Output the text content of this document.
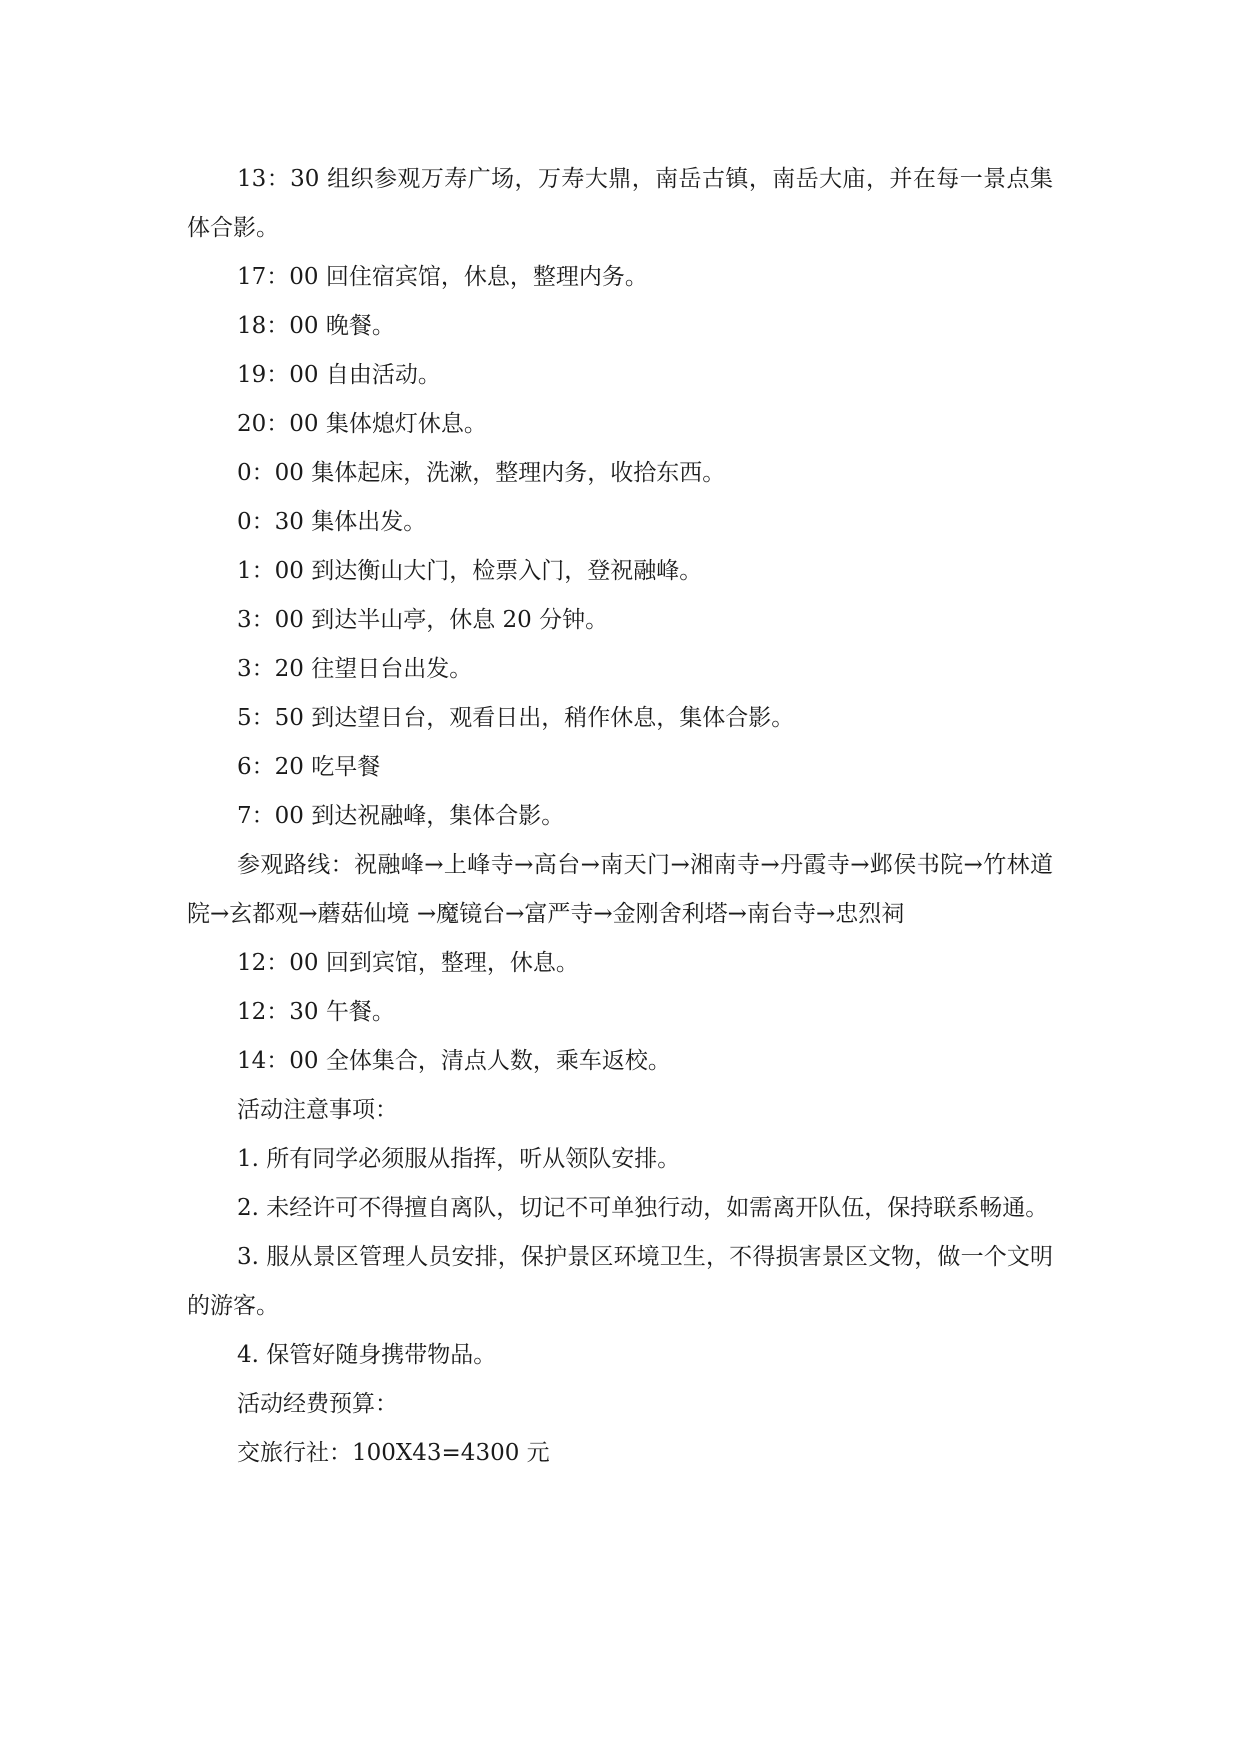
13：30 组织参观万寿广场，万寿大鼎，南岳古镇，南岳大庙，并在每一景点集体合影。

17：00 回住宿宾馆，休息，整理内务。

18：00 晚餐。

19：00 自由活动。

20：00 集体熄灯休息。

0：00 集体起床，洗漱，整理内务，收拾东西。

0：30 集体出发。

1：00 到达衡山大门，检票入门，登祝融峰。

3：00 到达半山亭，休息 20 分钟。

3：20 往望日台出发。

5：50 到达望日台，观看日出，稍作休息，集体合影。

6：20 吃早餐

7：00 到达祝融峰，集体合影。

参观路线：祝融峰→上峰寺→高台→南天门→湘南寺→丹霞寺→邺侯书院→竹林道院→玄都观→蘑菇仙境 →魔镜台→富严寺→金刚舍利塔→南台寺→忠烈祠

12：00 回到宾馆，整理，休息。

12：30 午餐。

14：00 全体集合，清点人数，乘车返校。

活动注意事项：

1. 所有同学必须服从指挥，听从领队安排。

2. 未经许可不得擅自离队，切记不可单独行动，如需离开队伍，保持联系畅通。

3. 服从景区管理人员安排，保护景区环境卫生，不得损害景区文物，做一个文明的游客。

4. 保管好随身携带物品。

活动经费预算：

交旅行社：100X43=4300 元
